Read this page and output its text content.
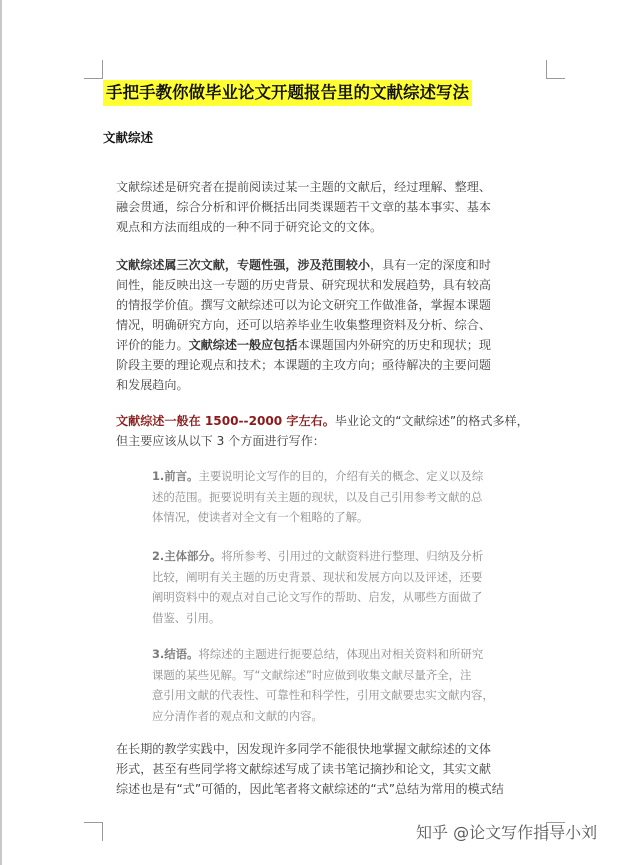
手把手教你做毕业论文开题报告里的文献综述写法
文献综述
文献综述是研究者在提前阅读过某一主题的文献后，经过理解、整理、
融会贯通，综合分析和评价概括出同类课题若干文章的基本事实、基本
观点和方法而组成的一种不同于研究论文的文体。
文献综述属三次文献，专题性强，涉及范围较小，具有一定的深度和时
间性，能反映出这一专题的历史背景、研究现状和发展趋势，具有较高
的情报学价值。撰写文献综述可以为论文研究工作做准备，掌握本课题
情况，明确研究方向，还可以培养毕业生收集整理资料及分析、综合、
评价的能力。文献综述一般应包括本课题国内外研究的历史和现状；现
阶段主要的理论观点和技术；本课题的主攻方向；亟待解决的主要问题
和发展趋向。
文献综述一般在 1500--2000 字左右。毕业论文的“文献综述”的格式多样，
但主要应该从以下 3 个方面进行写作：
1.前言。主要说明论文写作的目的，介绍有关的概念、定义以及综
述的范围。扼要说明有关主题的现状，以及自己引用参考文献的总
体情况，使读者对全文有一个粗略的了解。
2.主体部分。将所参考、引用过的文献资料进行整理、归纳及分析
比较，阐明有关主题的历史背景、现状和发展方向以及评述，还要
阐明资料中的观点对自己论文写作的帮助、启发，从哪些方面做了
借鉴、引用。
3.结语。将综述的主题进行扼要总结，体现出对相关资料和所研究
课题的某些见解。写“文献综述”时应做到收集文献尽量齐全，注
意引用文献的代表性、可靠性和科学性，引用文献要忠实文献内容，
应分清作者的观点和文献的内容。
在长期的教学实践中，因发现许多同学不能很快地掌握文献综述的文体
形式，甚至有些同学将文献综述写成了读书笔记摘抄和论文，其实文献
综述也是有“式”可循的，因此笔者将文献综述的“式”总结为常用的模式结
知乎 @论文写作指导小刘
